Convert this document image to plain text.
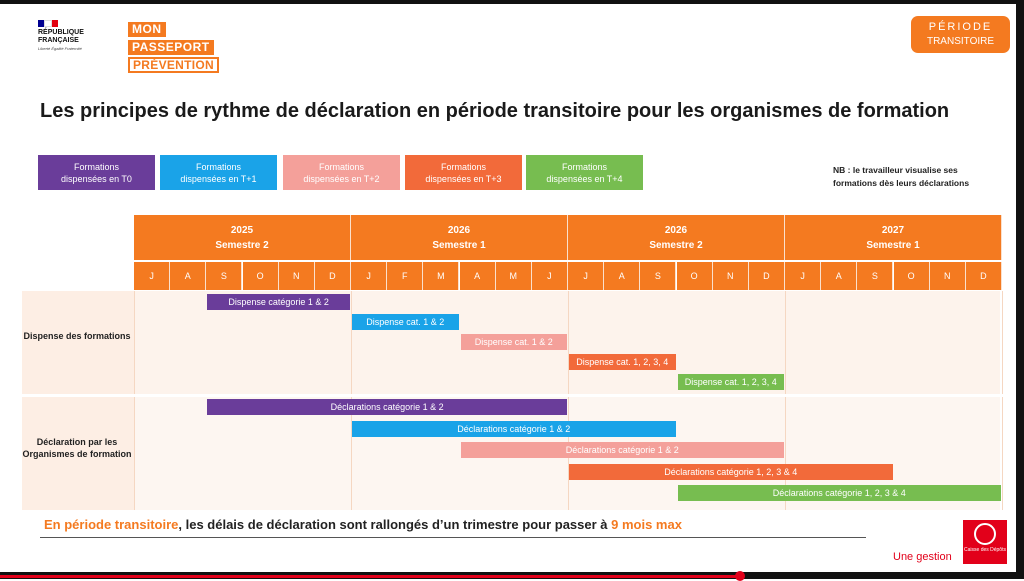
RÉPUBLIQUE
FRANÇAISE
Liberté Égalité Fraternité
MON
PASSEPORT
PRÉVENTION
PÉRIODE
TRANSITOIRE
Les principes de rythme de déclaration en période transitoire pour les organismes de formation
Formations
dispensées en T0
Formations
dispensées en T+1
Formations
dispensées en T+2
Formations
dispensées en T+3
Formations
dispensées en T+4
NB : le travailleur visualise ses
formations dès leurs déclarations
2025
Semestre 2
2026
Semestre 1
2026
Semestre 2
2027
Semestre 1
J	A	S	O	N	D	J	F	M	A	M	J	J	A	S	O	N	D	J	A	S	O	N	D
Dispense des formations
Déclaration par les Organismes de formation
Dispense catégorie 1 & 2
Dispense cat. 1 & 2
Dispense cat. 1 & 2
Dispense cat. 1, 2, 3, 4
Dispense cat. 1, 2, 3, 4
Déclarations catégorie 1 & 2
Déclarations catégorie 1 & 2
Déclarations catégorie 1 & 2
Déclarations catégorie 1, 2, 3 & 4
Déclarations catégorie 1, 2, 3 & 4
En période transitoire, les délais de déclaration sont rallongés d’un trimestre pour passer à 9 mois max
Une gestion
Caisse des Dépôts
